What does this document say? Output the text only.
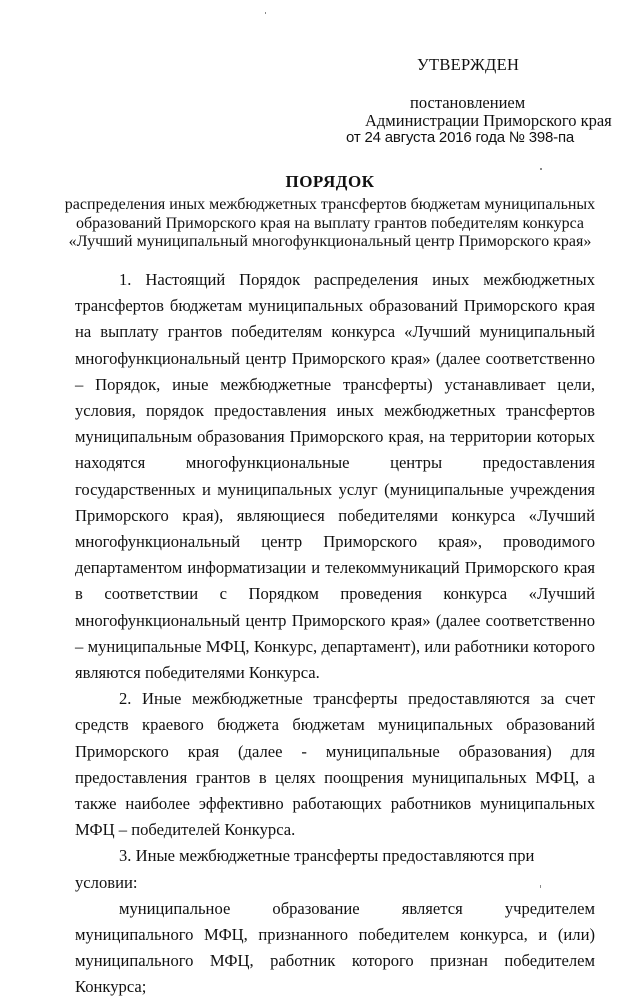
УТВЕРЖДЕН
постановлением
Администрации Приморского края
от 24 августа 2016 года № 398-па
ПОРЯДОК
распределения иных межбюджетных трансфертов бюджетам муниципальных
образований Приморского края на выплату грантов победителям конкурса
«Лучший муниципальный многофункциональный центр Приморского края»

1. Настоящий Порядок распределения иных межбюджетных трансфертов бюджетам муниципальных образований Приморского края на выплату грантов победителям конкурса «Лучший муниципальный многофункциональный центр Приморского края» (далее соответственно – Порядок, иные межбюджетные трансферты) устанавливает цели, условия, порядок предоставления иных межбюджетных трансфертов муниципальным образования Приморского края, на территории которых находятся многофункциональные центры предоставления государственных и муниципальных услуг (муниципальные учреждения Приморского края), являющиеся победителями конкурса «Лучший многофункциональный центр Приморского края», проводимого департаментом информатизации и телекоммуникаций Приморского края в соответствии с Порядком проведения конкурса «Лучший многофункциональный центр Приморского края» (далее соответственно – муниципальные МФЦ, Конкурс, департамент), или работники которого являются победителями Конкурса.

2. Иные межбюджетные трансферты предоставляются за счет средств краевого бюджета бюджетам муниципальных образований Приморского края (далее - муниципальные образования) для предоставления грантов в целях поощрения муниципальных МФЦ, а также наиболее эффективно работающих работников муниципальных МФЦ – победителей Конкурса.

3. Иные межбюджетные трансферты предоставляются при условии:

муниципальное образование является учредителем муниципального МФЦ, признанного победителем конкурса, и (или) муниципального МФЦ, работник которого признан победителем Конкурса;
